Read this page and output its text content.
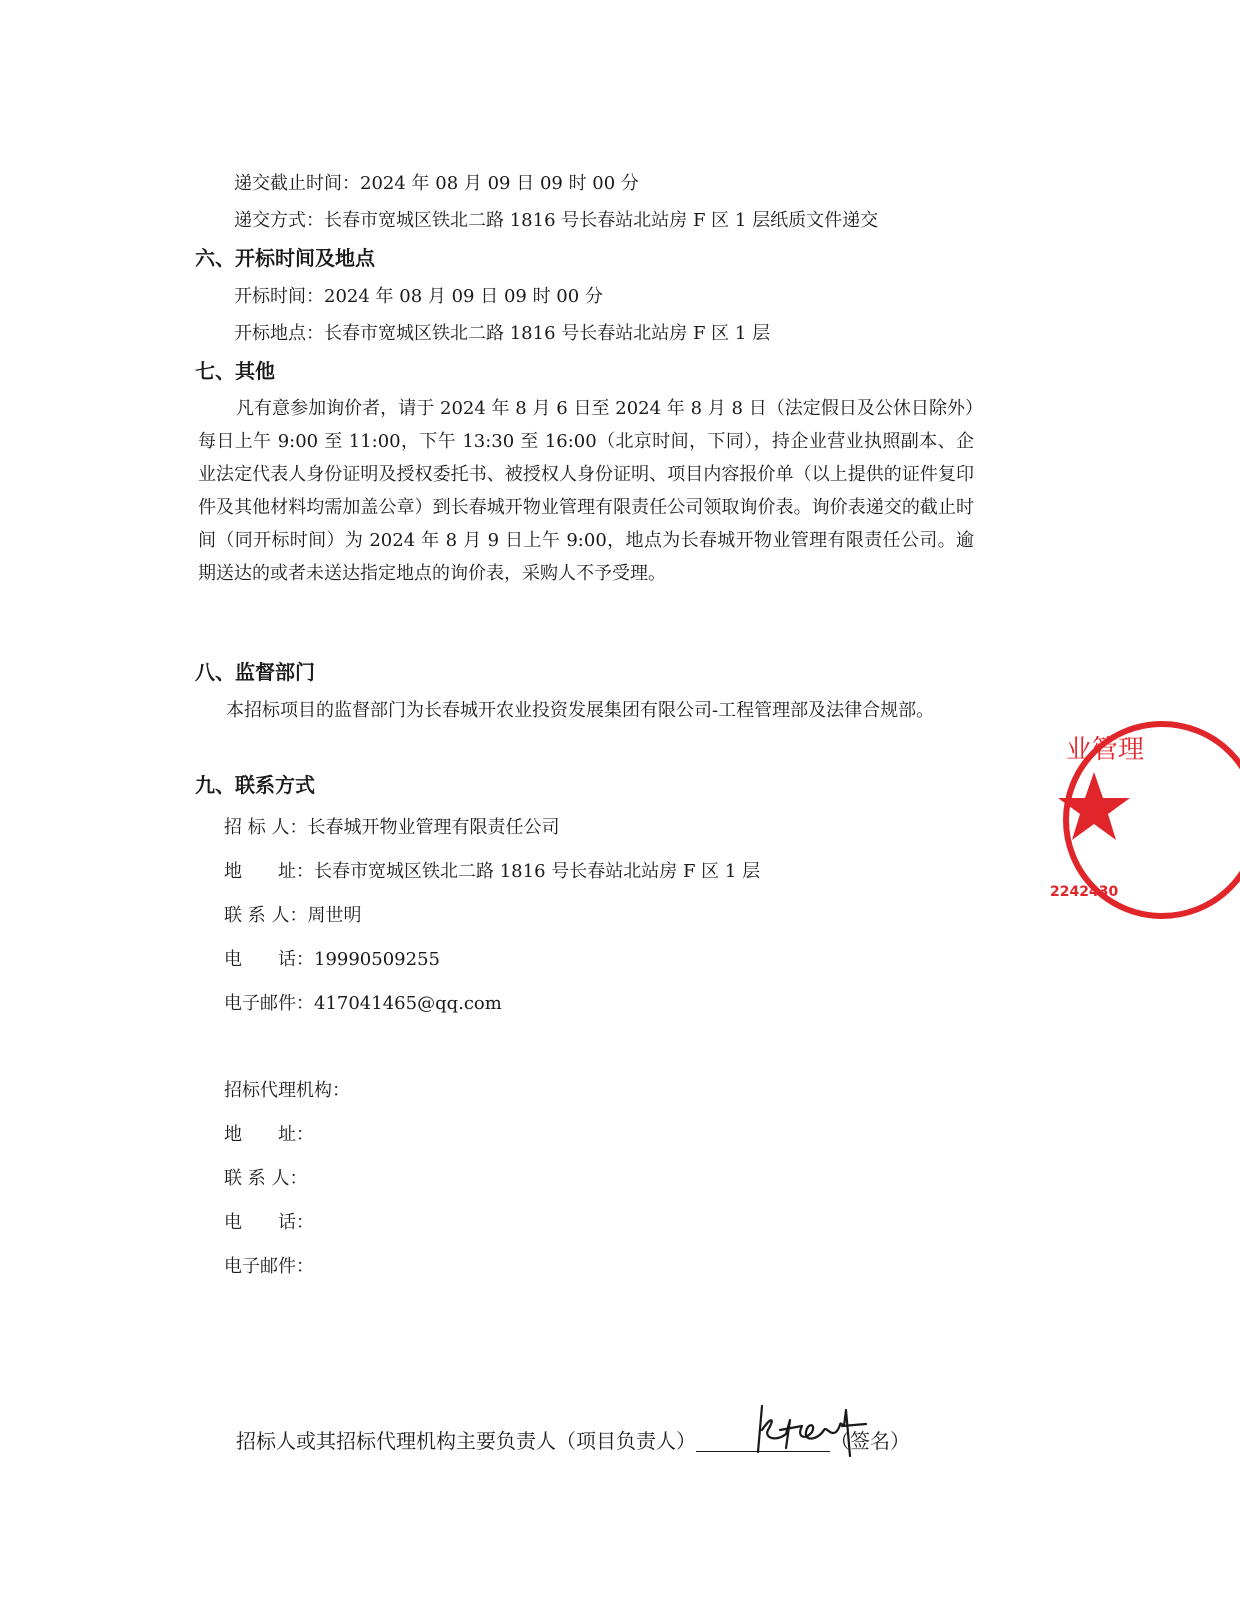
递交截止时间：2024 年 08 月 09 日 09 时 00 分
递交方式：长春市宽城区铁北二路 1816 号长春站北站房 F 区 1 层纸质文件递交
六、开标时间及地点
开标时间：2024 年 08 月 09 日 09 时 00 分
开标地点：长春市宽城区铁北二路 1816 号长春站北站房 F 区 1 层
七、其他
凡有意参加询价者，请于 2024 年 8 月 6 日至 2024 年 8 月 8 日（法定假日及公休日除外）每日上午 9:00 至 11:00，下午 13:30 至 16:00（北京时间，下同），持企业营业执照副本、企业法定代表人身份证明及授权委托书、被授权人身份证明、项目内容报价单（以上提供的证件复印件及其他材料均需加盖公章）到长春城开物业管理有限责任公司领取询价表。询价表递交的截止时间（同开标时间）为 2024 年 8 月 9 日上午 9:00，地点为长春城开物业管理有限责任公司。逾期送达的或者未送达指定地点的询价表，采购人不予受理。
八、监督部门
本招标项目的监督部门为长春城开农业投资发展集团有限公司-工程管理部及法律合规部。
九、联系方式
招 标 人：长春城开物业管理有限责任公司
地　　址：长春市宽城区铁北二路 1816 号长春站北站房 F 区 1 层
联 系 人：周世明
电　　话：19990509255
电子邮件：417041465@qq.com
招标代理机构：
地　　址：
联 系 人：
电　　话：
电子邮件：
招标人或其招标代理机构主要负责人（项目负责人）	（签名）
业管理
2242430
